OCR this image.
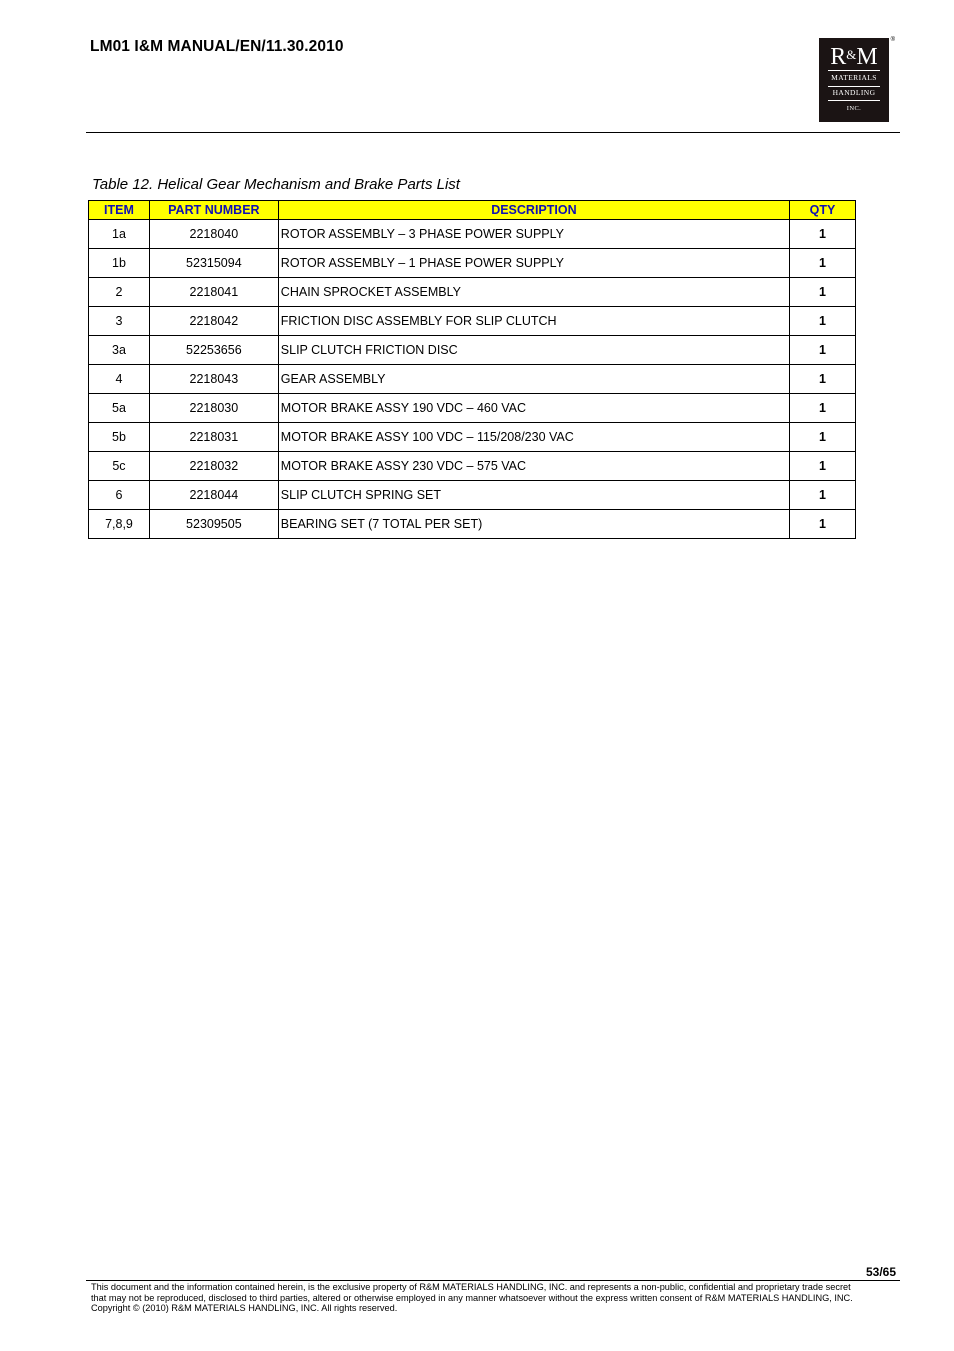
LM01 I&M MANUAL/EN/11.30.2010	®
R&M
MATERIALS
HANDLING
INC.
Table 12. Helical Gear Mechanism and Brake Parts List
ITEM	PART NUMBER	DESCRIPTION	QTY
1a	2218040	ROTOR ASSEMBLY – 3 PHASE POWER SUPPLY	1
1b	52315094	ROTOR ASSEMBLY – 1 PHASE POWER SUPPLY	1
2	2218041	CHAIN SPROCKET ASSEMBLY	1
3	2218042	FRICTION DISC ASSEMBLY FOR SLIP CLUTCH	1
3a	52253656	SLIP CLUTCH FRICTION DISC	1
4	2218043	GEAR ASSEMBLY	1
5a	2218030	MOTOR BRAKE ASSY 190 VDC – 460 VAC	1
5b	2218031	MOTOR BRAKE ASSY 100 VDC – 115/208/230 VAC	1
5c	2218032	MOTOR BRAKE ASSY 230 VDC – 575 VAC	1
6	2218044	SLIP CLUTCH SPRING SET	1
7,8,9	52309505	BEARING SET (7 TOTAL PER SET)	1
53/65
This document and the information contained herein, is the exclusive property of R&M MATERIALS HANDLING, INC. and represents a non-public, confidential and proprietary trade secret
that may not be reproduced, disclosed to third parties, altered or otherwise employed in any manner whatsoever without the express written consent of R&M MATERIALS HANDLING, INC.
Copyright © (2010) R&M MATERIALS HANDLING, INC. All rights reserved.
